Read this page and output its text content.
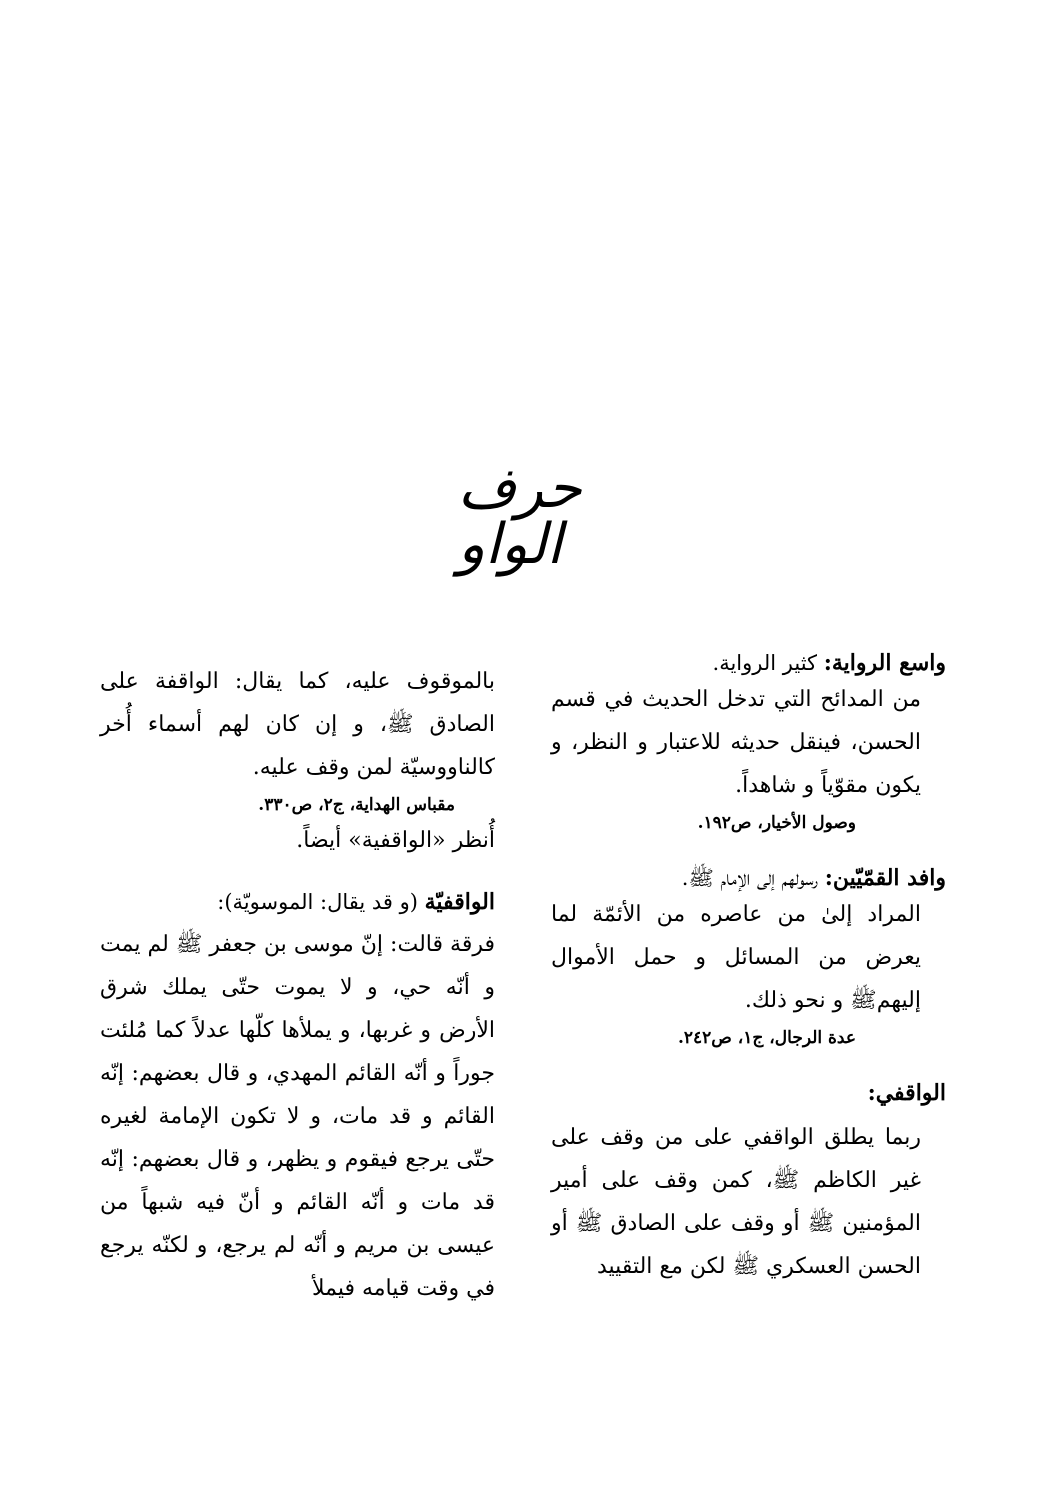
حرف الواو

واسع الرواية: كثير الرواية.

من المدائح التي تدخل الحديث في قسم الحسن، فينقل حديثه للاعتبار و النظر، و يكون مقوّياً و شاهداً.

وصول الأخيار، ص١٩٢.

وافد القمّيّين: رسولهم إلى الإمام ﷺ.

المراد إلىٰ من عاصره من الأئمّة لما يعرض من المسائل و حمل الأموال إليهمﷺ و نحو ذلك.

عدة الرجال، ج١، ص٢٤٢.

الواقفي:

ربما يطلق الواقفي على من وقف على غير الكاظم ﷺ، كمن وقف على أمير المؤمنين ﷺ أو وقف على الصادق ﷺ أو الحسن العسكري ﷺ لكن مع التقييد

بالموقوف عليه، كما يقال: الواقفة على الصادق ﷺ، و إن كان لهم أسماء أُخر كالناووسيّة لمن وقف عليه.

مقباس الهداية، ج٢، ص٣٣٠.

أُنظر «الواقفية» أيضاً.

الواقفيّة (و قد يقال: الموسويّة):

فرقة قالت: إنّ موسى بن جعفر ﷺ لم يمت و أنّه حي، و لا يموت حتّى يملك شرق الأرض و غربها، و يملأها كلّها عدلاً كما مُلئت جوراً و أنّه القائم المهدي، و قال بعضهم: إنّه القائم و قد مات، و لا تكون الإمامة لغيره حتّى يرجع فيقوم و يظهر، و قال بعضهم: إنّه قد مات و أنّه القائم و أنّ فيه شبهاً من عيسى بن مريم و أنّه لم يرجع، و لكنّه يرجع في وقت قيامه فيملأ
